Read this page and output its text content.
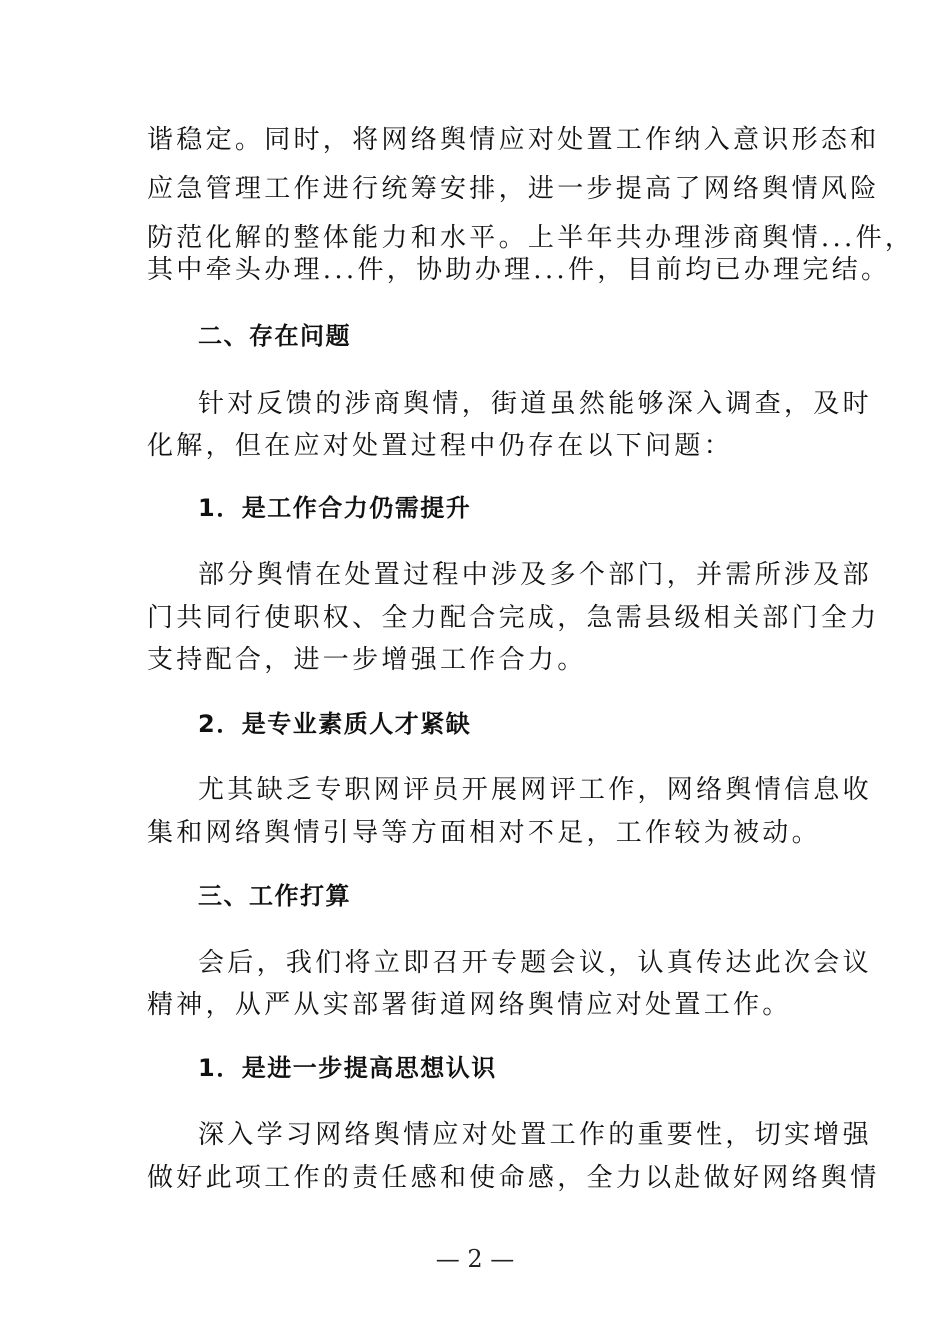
谐稳定。同时，将网络舆情应对处置工作纳入意识形态和
应急管理工作进行统筹安排，进一步提高了网络舆情风险
防范化解的整体能力和水平。上半年共办理涉商舆情...件，
其中牵头办理...件，协助办理...件，目前均已办理完结。
二、存在问题
针对反馈的涉商舆情，街道虽然能够深入调查，及时
化解，但在应对处置过程中仍存在以下问题：
1．是工作合力仍需提升
部分舆情在处置过程中涉及多个部门，并需所涉及部
门共同行使职权、全力配合完成，急需县级相关部门全力
支持配合，进一步增强工作合力。
2．是专业素质人才紧缺
尤其缺乏专职网评员开展网评工作，网络舆情信息收
集和网络舆情引导等方面相对不足，工作较为被动。
三、工作打算
会后，我们将立即召开专题会议，认真传达此次会议
精神，从严从实部署街道网络舆情应对处置工作。
1．是进一步提高思想认识
深入学习网络舆情应对处置工作的重要性，切实增强
做好此项工作的责任感和使命感，全力以赴做好网络舆情
— 2 —
